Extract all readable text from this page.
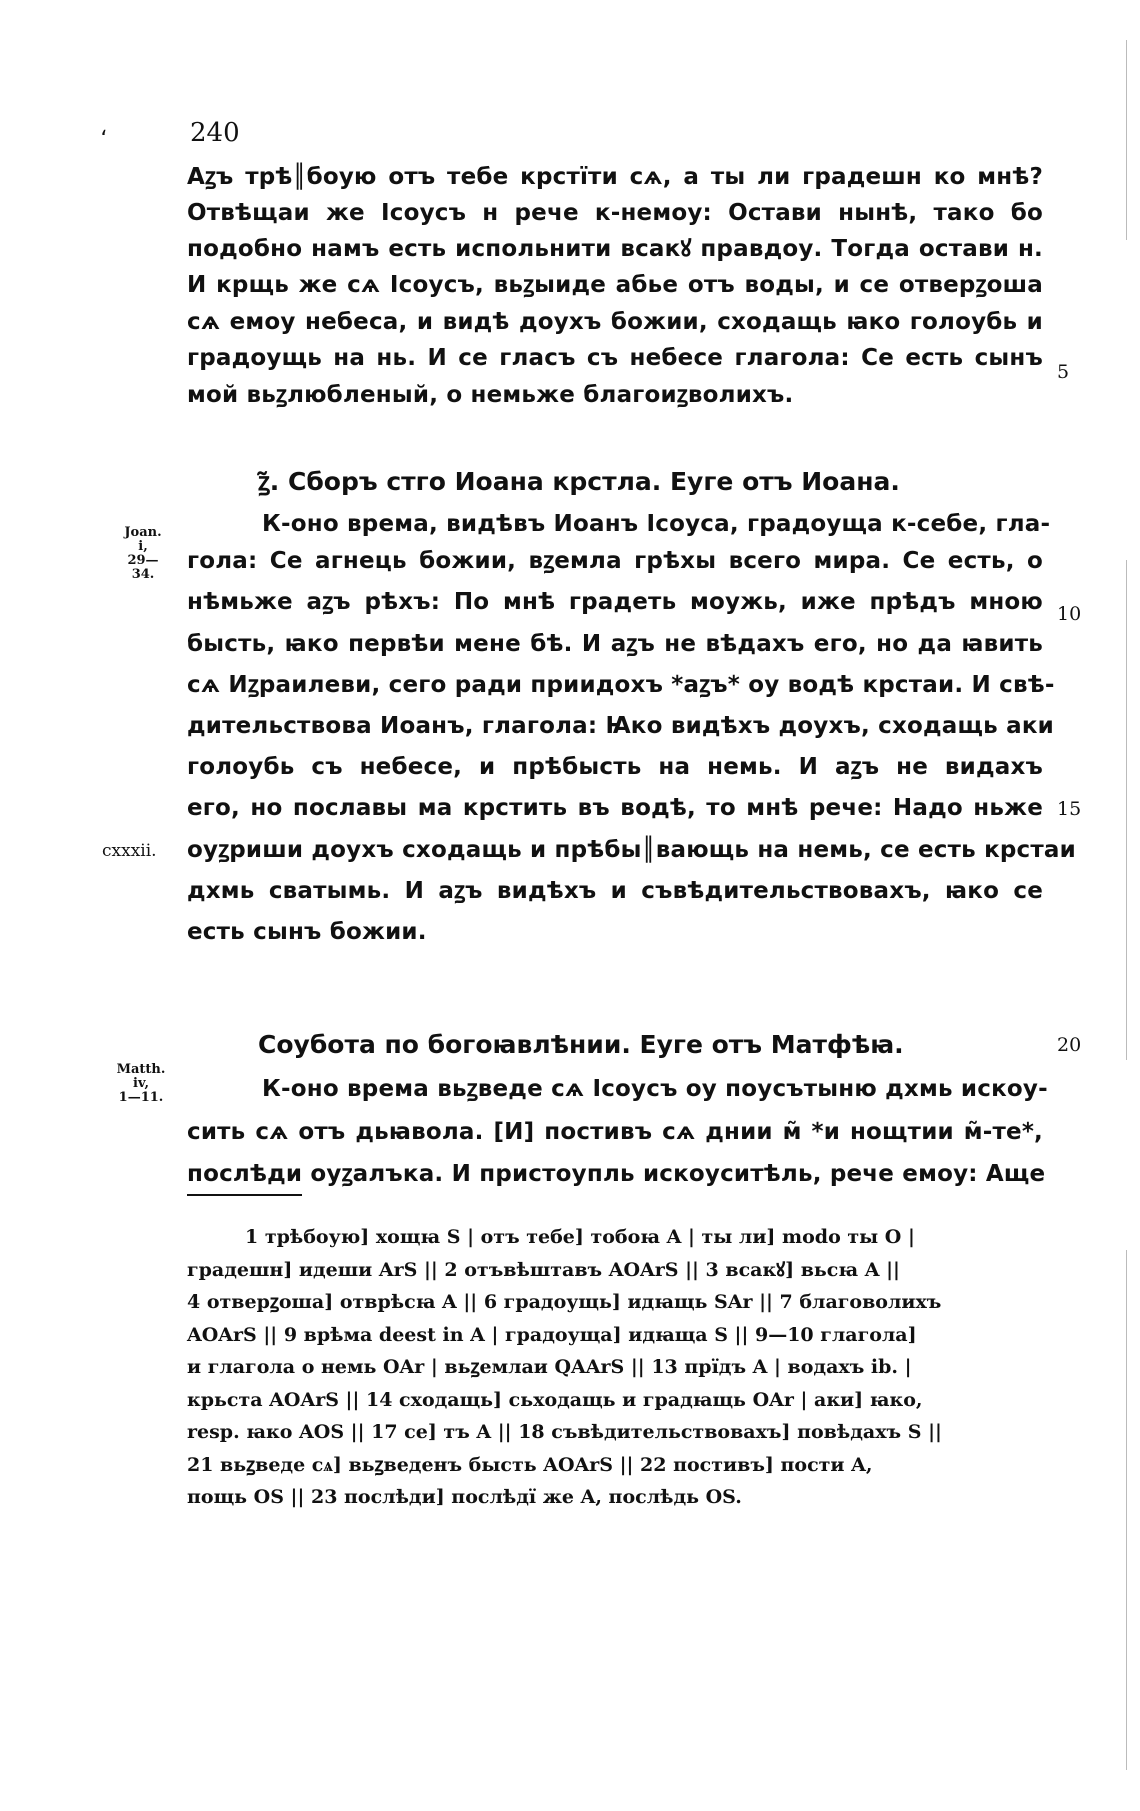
،	240
Аꙁъ трѣ║боую отъ тебе крстїти сѧ, а ты ли градешн ко мнѣ?
Отвѣщаи же Ісоусъ н рече к-немоу: Остави нынѣ, тако бо
подобно намъ есть испольнити всакꙋ правдоу. Тогда остави н.
И крщь же сѧ Ісоусъ, вьꙁыиде абье отъ воды, и се отверꙁоша
сѧ емоу небеса, и видѣ доухъ божии, сходащь ꙗко голоубь и
градоущь на нь. И се гласъ съ небесе глагола: Се есть сынъ
мой вьꙁлюбленый, о немьже благоиꙁволихъ.
ꙁ̃. Сборъ стго Иоана крстла. Еуге отъ Иоана.
Joan.
i,
29—34.
К-оно врема, видѣвъ Иоанъ Ісоуса, градоуща к-себе, гла-
гола: Се агнець божии, вꙁемла грѣхы всего мира. Се есть, о
нѣмьже аꙁъ рѣхъ: По мнѣ градеть моужь, иже прѣдъ мною
бысть, ꙗко первѣи мене бѣ. И аꙁъ не вѣдахъ его, но да ꙗвить
сѧ Иꙁраилеви, сего ради приидохъ *аꙁъ* оу водѣ крстаи. И свѣ-
дительствова Иоанъ, глагола: Ꙗко видѣхъ доухъ, сходащь аки
голоубь съ небесе, и прѣбысть на немь. И аꙁъ не видахъ
его, но пославы ма крстить въ водѣ, то мнѣ рече: Надо ньже
оуꙁриши доухъ сходащь и прѣбы║вающь на немь, се есть крстаи
дхмь сватымь. И аꙁъ видѣхъ и съвѣдительствовахъ, ꙗко се
есть сынъ божии.
cxxxii.
5
10
15
20
Соубота по богоꙗвлѣнии. Еуге отъ Матфѣꙗ.
Matth.
iv,
1—11.	К-оно врема вьꙁведе сѧ Ісоусъ оу поусътыню дхмь искоу-
сить сѧ отъ дьꙗвола. [И] постивъ сѧ днии м̃ *и нощтии м̃-те*,
послѣди оуꙁалъка. И пристоупль искоуситѣль, рече емоу: Аще
1 трѣбоую] хощꙗ S | отъ тебе] тобоꙗ A | ты ли] modo ты O |
градешн] идеши ArS || 2 отъвѣштавъ AOArS || 3 всакꙋ] вьсꙗ A ||
4 отверꙁоша] отврѣсꙗ A || 6 градоущь] идꙗщь SAr || 7 благоволихъ
AOArS || 9 врѣма deest in A | градоуща] идꙗща S || 9—10 глагола]
и глагола о немь OAr | вьꙁемлаи QAArS || 13 прїдъ A | водахъ ib. |
крьста AOArS || 14 сходащь] сьходащь и градꙗщь OAr | аки] ꙗко,
resp. ꙗко AOS || 17 се] тъ A || 18 съвѣдительствовахъ] повѣдахъ S ||
21 вьꙁведе сѧ] вьꙁведенъ бысть AOArS || 22 постивъ] пости A,
пощь OS || 23 послѣди] послѣдї же A, послѣдь OS.
